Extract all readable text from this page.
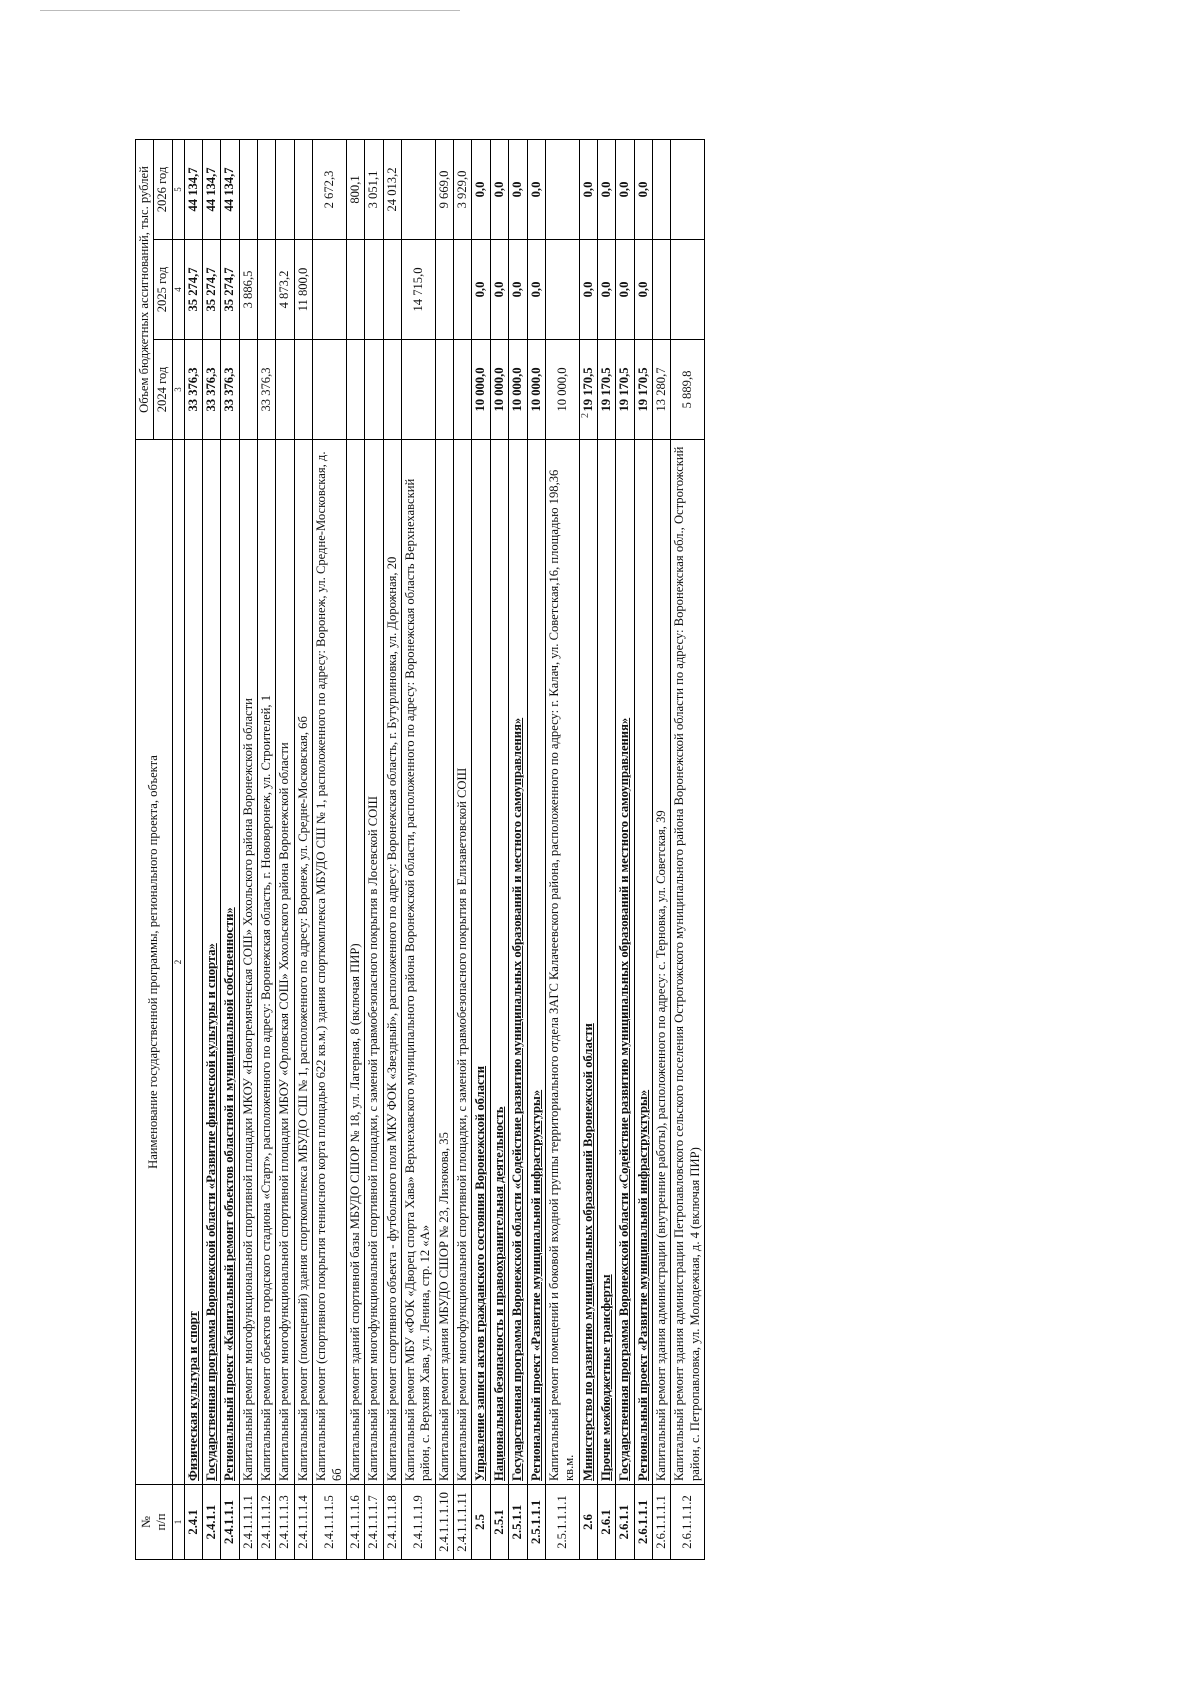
2
№
п/п	Наименование государственной программы, регионального проекта, объекта	Объем бюджетных ассигнований, тыс. рублей		
		2024 год	2025 год	2026 год
1	2	3	4	5
2.4.1	Физическая культура и спорт	33 376,3	35 274,7	44 134,7
2.4.1.1	Государственная программа Воронежской области «Развитие физической культуры и спорта»	33 376,3	35 274,7	44 134,7
2.4.1.1.1	Региональный проект «Капитальный ремонт объектов областной и муниципальной собственности»	33 376,3	35 274,7	44 134,7
2.4.1.1.1.1	Капитальный ремонт многофункциональной спортивной площадки МКОУ «Новогремяченская СОШ» Хохольского района Воронежской области		3 886,5	
2.4.1.1.1.2	Капитальный ремонт объектов городского стадиона «Старт», расположенного по адресу: Воронежская область, г. Нововоронеж, ул. Строителей, 1	33 376,3		
2.4.1.1.1.3	Капитальный ремонт многофункциональной спортивной площадки МБОУ «Орловская СОШ» Хохольского района Воронежской области		4 873,2	
2.4.1.1.1.4	Капитальный ремонт (помещений) здания спорткомплекса МБУДО СШ № 1, расположенного по адресу: Воронеж, ул. Средне-Московская, 6б		11 800,0	
2.4.1.1.1.5	Капитальный ремонт (спортивного покрытия теннисного корта площадью 622 кв.м.) здания спорткомплекса МБУДО СШ № 1, расположенного по адресу: Воронеж, ул. Средне-Московская, д. 6б			2 672,3
2.4.1.1.1.6	Капитальный ремонт зданий спортивной базы МБУДО СШОР № 18, ул. Лагерная, 8 (включая ПИР)			800,1
2.4.1.1.1.7	Капитальный ремонт многофункциональной спортивной площадки, с заменой травмобезопасного покрытия в Лосевской СОШ			3 051,1
2.4.1.1.1.8	Капитальный ремонт спортивного объекта - футбольного поля МКУ ФОК «Звездный», расположенного по адресу: Воронежская область, г. Бутурлиновка, ул. Дорожная, 20			24 013,2
2.4.1.1.1.9	Капитальный ремонт МБУ «ФОК «Дворец спорта Хава» Верхнехавского муниципального района Воронежской области, расположенного по адресу: Воронежская область Верхнехавский район, с. Верхняя Хава, ул. Ленина, стр. 12 «А»		14 715,0	
2.4.1.1.1.10	Капитальный ремонт здания МБУДО СШОР № 23, Лизюкова, 35			9 669,0
2.4.1.1.1.11	Капитальный ремонт многофункциональной спортивной площадки, с заменой травмобезопасного покрытия в Елизаветовской СОШ			3 929,0
2.5	Управление записи актов гражданского состояния Воронежской области	10 000,0	0,0	0,0
2.5.1	Национальная безопасность и правоохранительная деятельность	10 000,0	0,0	0,0
2.5.1.1	Государственная программа Воронежской области «Содействие развитию муниципальных образований и местного самоуправления»	10 000,0	0,0	0,0
2.5.1.1.1	Региональный проект «Развитие муниципальной инфраструктуры»	10 000,0	0,0	0,0
2.5.1.1.1.1	Капитальный ремонт помещений и боковой входной группы территориального отдела ЗАГС Калачеевского района, расположенного по адресу: г. Калач, ул. Советская,16, площадью 198,36 кв.м.	10 000,0		
2.6	Министерство по развитию муниципальных образований Воронежской области	19 170,5	0,0	0,0
2.6.1	Прочие межбюджетные трансферты	19 170,5	0,0	0,0
2.6.1.1	Государственная программа Воронежской области «Содействие развитию муниципальных образований и местного самоуправления»	19 170,5	0,0	0,0
2.6.1.1.1	Региональный проект «Развитие муниципальной инфраструктуры»	19 170,5	0,0	0,0
2.6.1.1.1.1	Капитальный ремонт здания администрации (внутренние работы), расположенного по адресу: с. Терновка, ул. Советская, 39	13 280,7		
2.6.1.1.1.2	Капитальный ремонт здания администрации Петропавловского сельского поселения Острогожского муниципального района Воронежской области по адресу: Воронежская обл., Острогожский район, с. Петропавловка, ул. Молодежная, д. 4 (включая ПИР)	5 889,8		
